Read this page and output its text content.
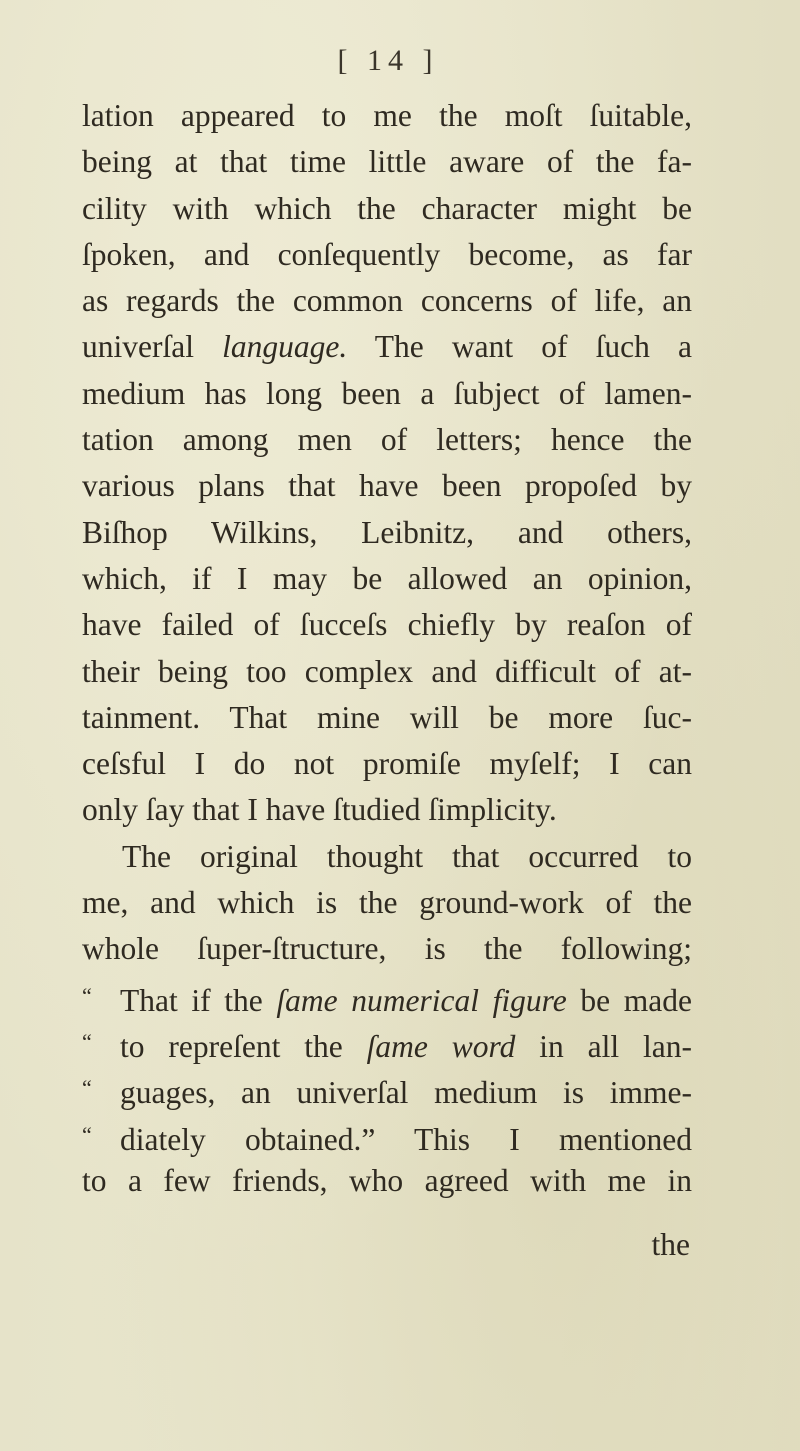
[ 14 ]
lation appeared to me the moſt ſuitable,
being at that time little aware of the fa-
cility with which the character might be
ſpoken, and conſequently become, as far
as regards the common concerns of life, an
univerſal language. The want of ſuch a
medium has long been a ſubject of lamen-
tation among men of letters; hence the
various plans that have been propoſed by
Biſhop Wilkins, Leibnitz, and others,
which, if I may be allowed an opinion,
have failed of ſucceſs chiefly by reaſon of
their being too complex and difficult of at-
tainment. That mine will be more ſuc-
ceſsful I do not promiſe myſelf; I can
only ſay that I have ſtudied ſimplicity.
The original thought that occurred to
me, and which is the ground-work of the
whole ſuper-ſtructure, is the following;
“ That if the ſame numerical figure be made
“ to repreſent the ſame word in all lan-
“ guages, an univerſal medium is imme-
“ diately obtained.” This I mentioned
to a few friends, who agreed with me in
the
